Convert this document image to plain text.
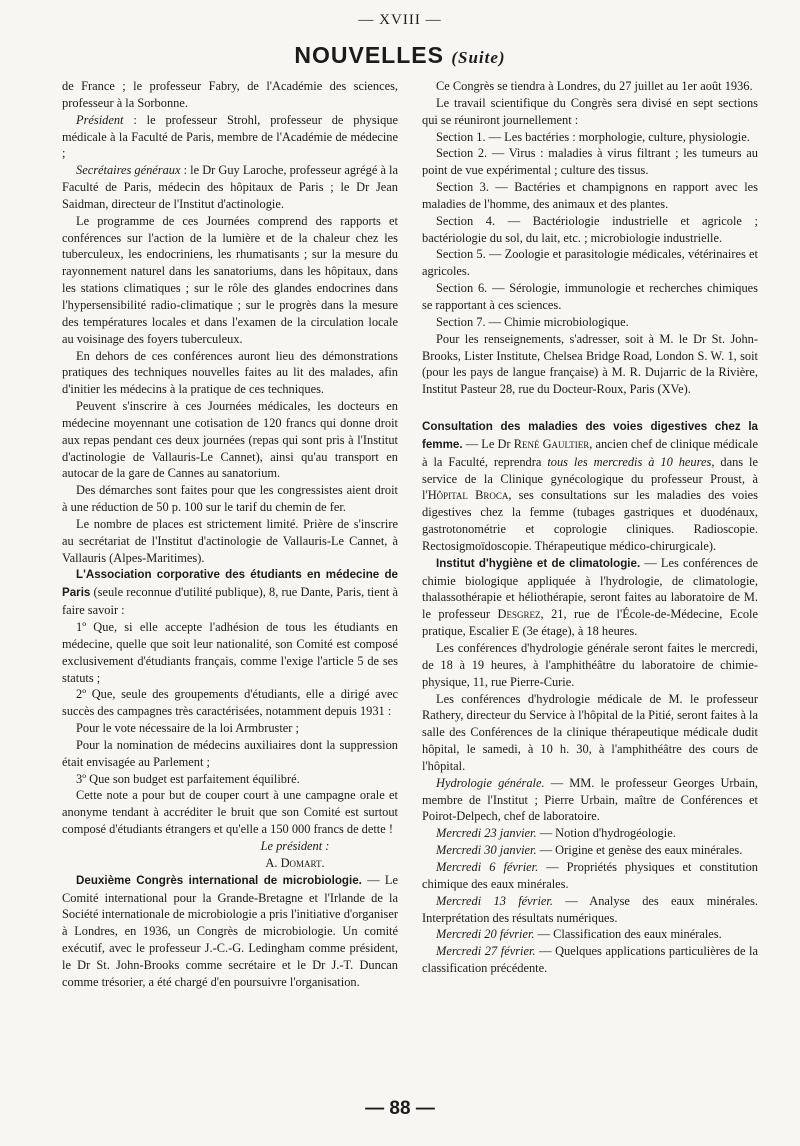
— XVIII —
NOUVELLES (Suite)

de France ; le professeur Fabry, de l'Académie des sciences, professeur à la Sorbonne.

Président : le professeur Strohl, professeur de physique médicale à la Faculté de Paris, membre de l'Académie de médecine ;

Secrétaires généraux : le Dr Guy Laroche, professeur agrégé à la Faculté de Paris, médecin des hôpitaux de Paris ; le Dr Jean Saidman, directeur de l'Institut d'actinologie.

Le programme de ces Journées comprend des rapports et conférences sur l'action de la lumière et de la chaleur chez les tuberculeux, les endocriniens, les rhumatisants ; sur la mesure du rayonnement naturel dans les sanatoriums, dans les hôpitaux, dans les stations climatiques ; sur le rôle des glandes endocrines dans l'hypersensibilité radio-climatique ; sur le progrès dans la mesure des températures locales et dans l'examen de la circulation locale au voisinage des foyers tuberculeux.

En dehors de ces conférences auront lieu des démonstrations pratiques des techniques nouvelles faites au lit des malades, afin d'initier les médecins à la pratique de ces techniques.

Peuvent s'inscrire à ces Journées médicales, les docteurs en médecine moyennant une cotisation de 120 francs qui donne droit aux repas pendant ces deux journées (repas qui sont pris à l'Institut d'actinologie de Vallauris-Le Cannet), ainsi qu'au transport en autocar de la gare de Cannes au sanatorium.

Des démarches sont faites pour que les congressistes aient droit à une réduction de 50 p. 100 sur le tarif du chemin de fer.

Le nombre de places est strictement limité. Prière de s'inscrire au secrétariat de l'Institut d'actinologie de Vallauris-Le Cannet, à Vallauris (Alpes-Maritimes).

L'Association corporative des étudiants en médecine de Paris (seule reconnue d'utilité publique), 8, rue Dante, Paris, tient à faire savoir :

1º Que, si elle accepte l'adhésion de tous les étudiants en médecine, quelle que soit leur nationalité, son Comité est composé exclusivement d'étudiants français, comme l'exige l'article 5 de ses statuts ;

2º Que, seule des groupements d'étudiants, elle a dirigé avec succès des campagnes très caractérisées, notamment depuis 1931 :

Pour le vote nécessaire de la loi Armbruster ;

Pour la nomination de médecins auxiliaires dont la suppression était envisagée au Parlement ;

3º Que son budget est parfaitement équilibré.

Cette note a pour but de couper court à une campagne orale et anonyme tendant à accréditer le bruit que son Comité est surtout composé d'étudiants étrangers et qu'elle a 150 000 francs de dette !

Le président :

A. Domart.

Deuxième Congrès international de microbiologie. — Le Comité international pour la Grande-Bretagne et l'Irlande de la Société internationale de microbiologie a pris l'initiative d'organiser à Londres, en 1936, un Congrès de microbiologie. Un comité exécutif, avec le professeur J.-C.-G. Ledingham comme président, le Dr St. John-Brooks comme secrétaire et le Dr J.-T. Duncan comme trésorier, a été chargé d'en poursuivre l'organisation.

Ce Congrès se tiendra à Londres, du 27 juillet au 1er août 1936.

Le travail scientifique du Congrès sera divisé en sept sections qui se réuniront journellement :

Section 1. — Les bactéries : morphologie, culture, physiologie.

Section 2. — Virus : maladies à virus filtrant ; les tumeurs au point de vue expérimental ; culture des tissus.

Section 3. — Bactéries et champignons en rapport avec les maladies de l'homme, des animaux et des plantes.

Section 4. — Bactériologie industrielle et agricole ; bactériologie du sol, du lait, etc. ; microbiologie industrielle.

Section 5. — Zoologie et parasitologie médicales, vétérinaires et agricoles.

Section 6. — Sérologie, immunologie et recherches chimiques se rapportant à ces sciences.

Section 7. — Chimie microbiologique.

Pour les renseignements, s'adresser, soit à M. le Dr St. John-Brooks, Lister Institute, Chelsea Bridge Road, London S. W. 1, soit (pour les pays de langue française) à M. R. Dujarric de la Rivière, Institut Pasteur 28, rue du Docteur-Roux, Paris (XVe).

Consultation des maladies des voies digestives chez la femme. — Le Dr René Gaultier, ancien chef de clinique médicale à la Faculté, reprendra tous les mercredis à 10 heures, dans le service de la Clinique gynécologique du professeur Proust, à l'Hôpital Broca, ses consultations sur les maladies des voies digestives chez la femme (tubages gastriques et duodénaux, gastrotonométrie et coprologie cliniques. Radioscopie. Rectosigmoïdoscopie. Thérapeutique médico-chirurgicale).

Institut d'hygiène et de climatologie. — Les conférences de chimie biologique appliquée à l'hydrologie, de climatologie, thalassothérapie et héliothérapie, seront faites au laboratoire de M. le professeur Desgrez, 21, rue de l'École-de-Médecine, Ecole pratique, Escalier E (3e étage), à 18 heures.

Les conférences d'hydrologie générale seront faites le mercredi, de 18 à 19 heures, à l'amphithéâtre du laboratoire de chimie-physique, 11, rue Pierre-Curie.

Les conférences d'hydrologie médicale de M. le professeur Rathery, directeur du Service à l'hôpital de la Pitié, seront faites à la salle des Conférences de la clinique thérapeutique médicale dudit hôpital, le samedi, à 10 h. 30, à l'amphithéâtre des cours de l'hôpital.

Hydrologie générale. — MM. le professeur Georges Urbain, membre de l'Institut ; Pierre Urbain, maître de Conférences et Poirot-Delpech, chef de laboratoire.

Mercredi 23 janvier. — Notion d'hydrogéologie.

Mercredi 30 janvier. — Origine et genèse des eaux minérales.

Mercredi 6 février. — Propriétés physiques et constitution chimique des eaux minérales.

Mercredi 13 février. — Analyse des eaux minérales. Interprétation des résultats numériques.

Mercredi 20 février. — Classification des eaux minérales.

Mercredi 27 février. — Quelques applications particulières de la classification précédente.

— 88 —
